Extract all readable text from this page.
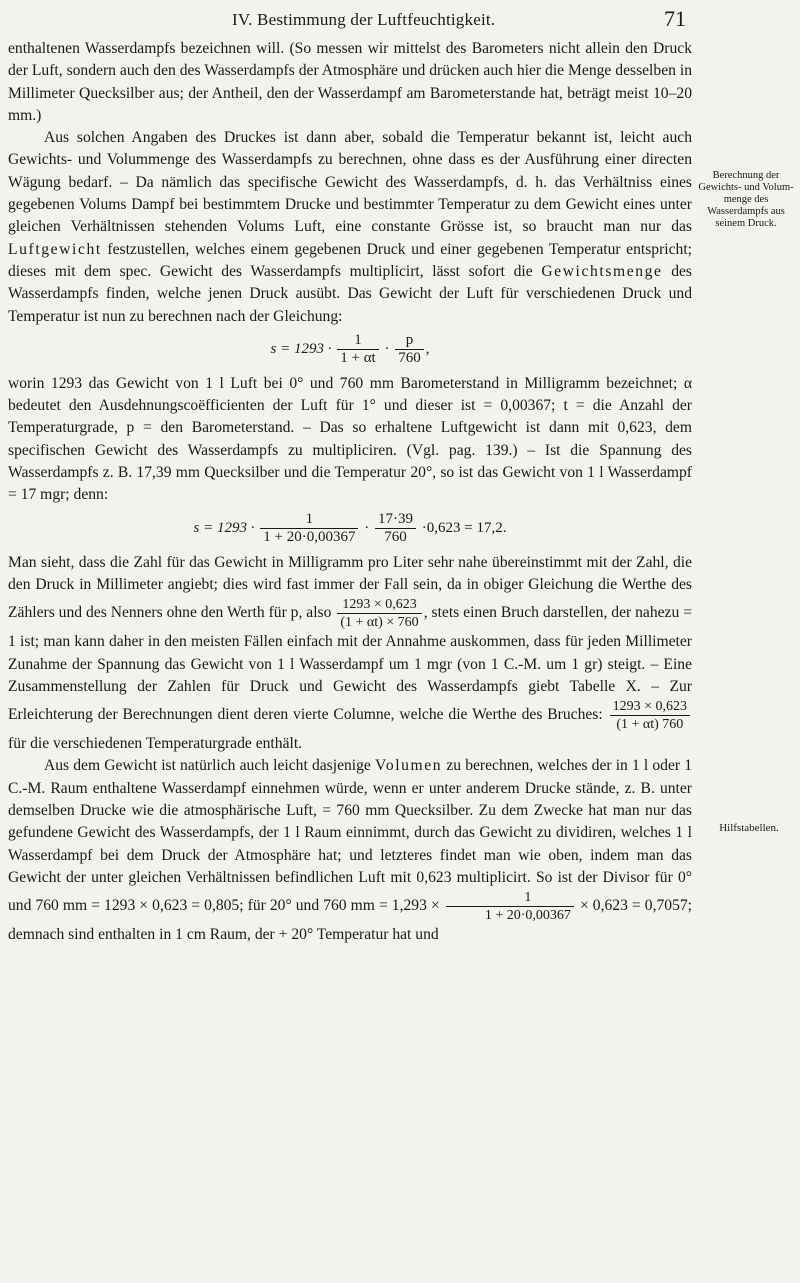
IV. Bestimmung der Luftfeuchtigkeit.	71

enthaltenen Wasserdampfs bezeichnen will. (So messen wir mittelst des Barometers nicht allein den Druck der Luft, sondern auch den des Wasserdampfs der Atmosphäre und drücken auch hier die Menge desselben in Millimeter Quecksilber aus; der Antheil, den der Wasserdampf am Barometerstande hat, beträgt meist 10–20 mm.)

Aus solchen Angaben des Druckes ist dann aber, sobald die Temperatur bekannt ist, leicht auch Gewichts- und Volummenge des Wasserdampfs zu berechnen, ohne dass es der Ausführung einer directen Wägung bedarf. – Da nämlich das specifische Gewicht des Wasserdampfs, d. h. das Verhältniss eines gegebenen Volums Dampf bei bestimmtem Drucke und bestimmter Temperatur zu dem Gewicht eines unter gleichen Verhältnissen stehenden Volums Luft, eine constante Grösse ist, so braucht man nur das Luftgewicht festzustellen, welches einem gegebenen Druck und einer gegebenen Temperatur entspricht; dieses mit dem spec. Gewicht des Wasserdampfs multiplicirt, lässt sofort die Gewichtsmenge des Wasserdampfs finden, welche jenen Druck ausübt. Das Gewicht der Luft für verschiedenen Druck und Temperatur ist nun zu berechnen nach der Gleichung:

$s = 1293 \cdot \frac{1}{1 + \alpha t} \cdot \frac{p}{760}$ ,

worin 1293 das Gewicht von 1 l Luft bei 0° und 760 mm Barometerstand in Milligramm bezeichnet; α bedeutet den Ausdehnungscoëfficienten der Luft für 1° und dieser ist = 0,00367; t = die Anzahl der Temperaturgrade, p = den Barometerstand. – Das so erhaltene Luftgewicht ist dann mit 0,623, dem specifischen Gewicht des Wasserdampfs zu multipliciren. (Vgl. pag. 139.) – Ist die Spannung des Wasserdampfs z. B. 17,39 mm Quecksilber und die Temperatur 20°, so ist das Gewicht von 1 l Wasserdampf = 17 mgr; denn:

$s = 1293 \cdot \frac{1}{1 + 20\cdot 0,00367} \cdot \frac{17\cdot 39}{760} \cdot 0,623 = 17,2$.

Man sieht, dass die Zahl für das Gewicht in Milligramm pro Liter sehr nahe übereinstimmt mit der Zahl, die den Druck in Millimeter angiebt; dies wird fast immer der Fall sein, da in obiger Gleichung die Werthe des Zählers und des Nenners ohne den Werth für p, also $\frac{1293 \times 0,623}{(1 + \alpha t) \times 760}$ , stets einen Bruch darstellen, der nahezu = 1 ist; man kann daher in den meisten Fällen einfach mit der Annahme auskommen, dass für jeden Millimeter Zunahme der Spannung das Gewicht von 1 l Wasserdampf um 1 mgr (von 1 C.-M. um 1 gr) steigt. – Eine Zusammenstellung der Zahlen für Druck und Gewicht des Wasserdampfs giebt Tabelle X. – Zur Erleichterung der Berechnungen dient deren vierte Columne, welche die Werthe des Bruches: $\frac{1293 \times 0,623}{(1 + \alpha t) 760}$
für die verschiedenen Temperaturgrade enthält.

Aus dem Gewicht ist natürlich auch leicht dasjenige Volumen zu berechnen, welches der in 1 l oder 1 C.-M. Raum enthaltene Wasserdampf einnehmen würde, wenn er unter anderem Drucke stände, z. B. unter demselben Drucke wie die atmosphärische Luft, = 760 mm Quecksilber. Zu dem Zwecke hat man nur das gefundene Gewicht des Wasserdampfs, der 1 l Raum einnimmt, durch das Gewicht zu dividiren, welches 1 l Wasserdampf bei dem Druck der Atmosphäre hat; und letzteres findet man wie oben, indem man das Gewicht der unter gleichen Verhältnissen befindlichen Luft mit 0,623 multiplicirt. So ist der Divisor für 0° und 760 mm = 1293 × 0,623 = 0,805; für 20° und 760 mm = $1,293 \times \frac{1}{1 + 20\cdot 0,00367} \times 0,623 = 0,7057$; demnach sind enthalten in 1 cm Raum, der + 20° Temperatur hat und

Berechnung der Gewichts- und Volum-menge des Wasserdampfs aus seinem Druck.
Hilfstabellen.
